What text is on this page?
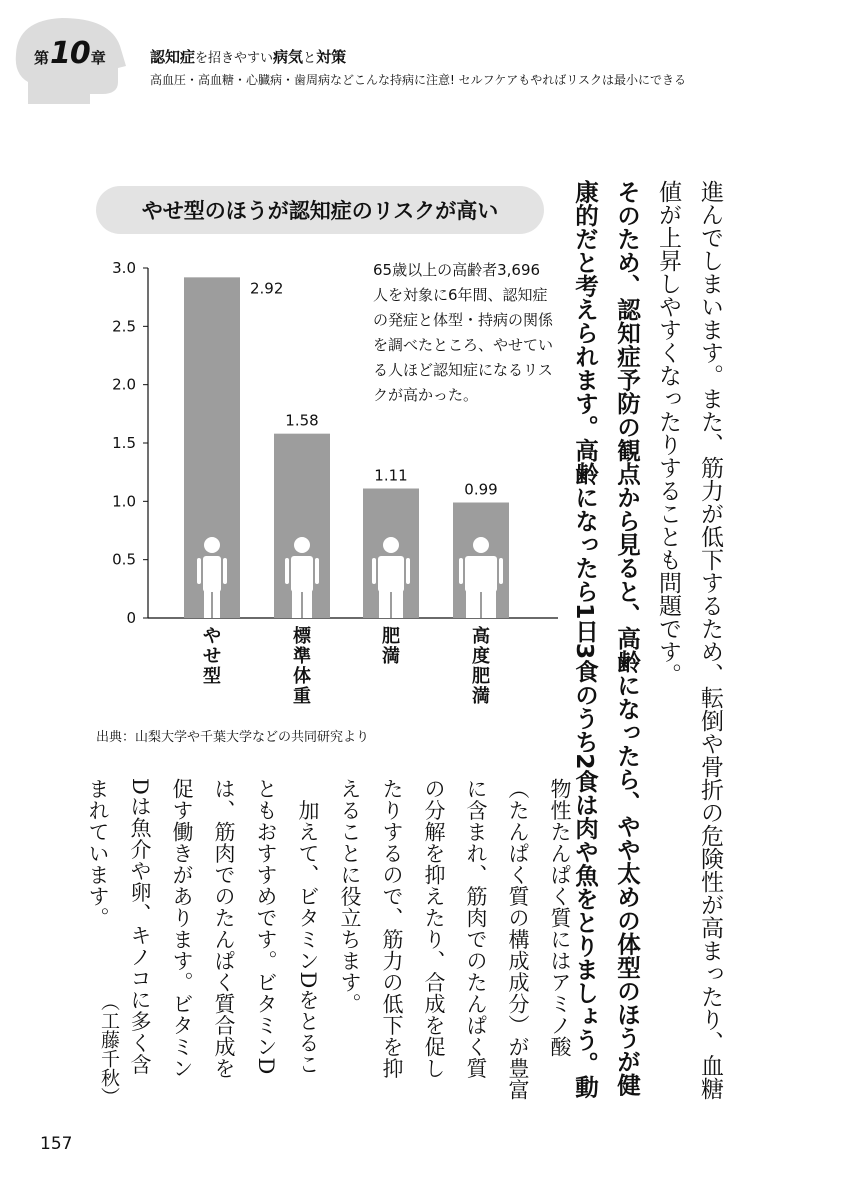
第 10 章	認知症を招きやすい病気と対策
高血圧・高血糖・心臓病・歯周病などこんな持病に注意! セルフケアもやればリスクは最小にできる
やせ型のほうが認知症のリスクが高い
0
0.5
1.0
1.5
2.0
2.5
3.0
2.92
や
せ
型
1.58
標
準
体
重
1.11
肥
満
0.99
高
度
肥
満
65歳以上の高齢者3,696人を対象に6年間、認知症の発症と体型・持病の関係を調べたところ、やせている人ほど認知症になるリスクが高かった。
出典：山梨大学や千葉大学などの共同研究より	進んでしまいます。また、筋力が低下するため、転倒や骨折の危険性が高まったり、血糖
値が上昇しやすくなったりすることも問題です。
そのため、認知症予防の観点から見ると、高齢になったら、やや太めの体型のほうが健
康的だと考えられます。高齢になったら1日3食のうち2食は肉や魚をとりましょう。動
物性たんぱく質にはアミノ酸
（たんぱく質の構成成分）が豊富
に含まれ、筋肉でのたんぱく質
の分解を抑えたり、合成を促し
たりするので、筋力の低下を抑
えることに役立ちます。
　加えて、ビタミンDをとるこ
ともおすすめです。ビタミンD
は、筋肉でのたんぱく質合成を
促す働きがあります。ビタミン
Dは魚介や卵、キノコに多く含
まれています。
（工藤千秋）
157
